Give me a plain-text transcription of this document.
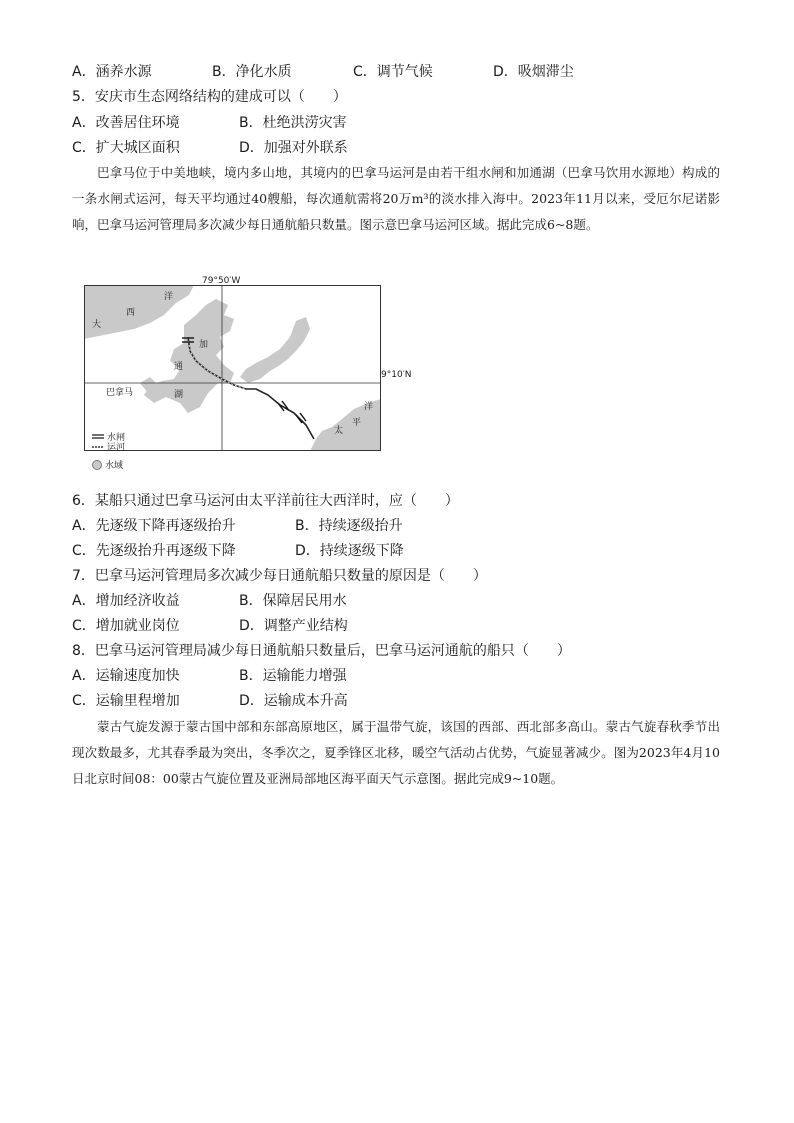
A．涵养水源	B．净化水质	C．调节气候	D．吸烟滞尘
5．安庆市生态网络结构的建成可以（　　）
A．改善居住环境	B．杜绝洪涝灾害
C．扩大城区面积	D．加强对外联系
巴拿马位于中美地峡，境内多山地，其境内的巴拿马运河是由若干组水闸和加通湖（巴拿马饮用水源地）构成的一条水闸式运河，每天平均通过40艘船，每次通航需将20万m³的淡水排入海中。2023年11月以来，受厄尔尼诺影响，巴拿马运河管理局多次减少每日通航船只数量。图示意巴拿马运河区域。据此完成6~8题。
79°50′W
大
西
洋
加
通
湖
巴拿马
太
平
洋
水闸
运河
9°10′N
水域
6．某船只通过巴拿马运河由太平洋前往大西洋时，应（　　）
A．先逐级下降再逐级抬升	B．持续逐级抬升
C．先逐级抬升再逐级下降	D．持续逐级下降
7．巴拿马运河管理局多次减少每日通航船只数量的原因是（　　）
A．增加经济收益	B．保障居民用水
C．增加就业岗位	D．调整产业结构
8．巴拿马运河管理局减少每日通航船只数量后，巴拿马运河通航的船只（　　）
A．运输速度加快	B．运输能力增强
C．运输里程增加	D．运输成本升高
蒙古气旋发源于蒙古国中部和东部高原地区，属于温带气旋，该国的西部、西北部多高山。蒙古气旋春秋季节出现次数最多，尤其春季最为突出，冬季次之，夏季锋区北移，暖空气活动占优势，气旋显著减少。图为2023年4月10日北京时间08：00蒙古气旋位置及亚洲局部地区海平面天气示意图。据此完成9~10题。
